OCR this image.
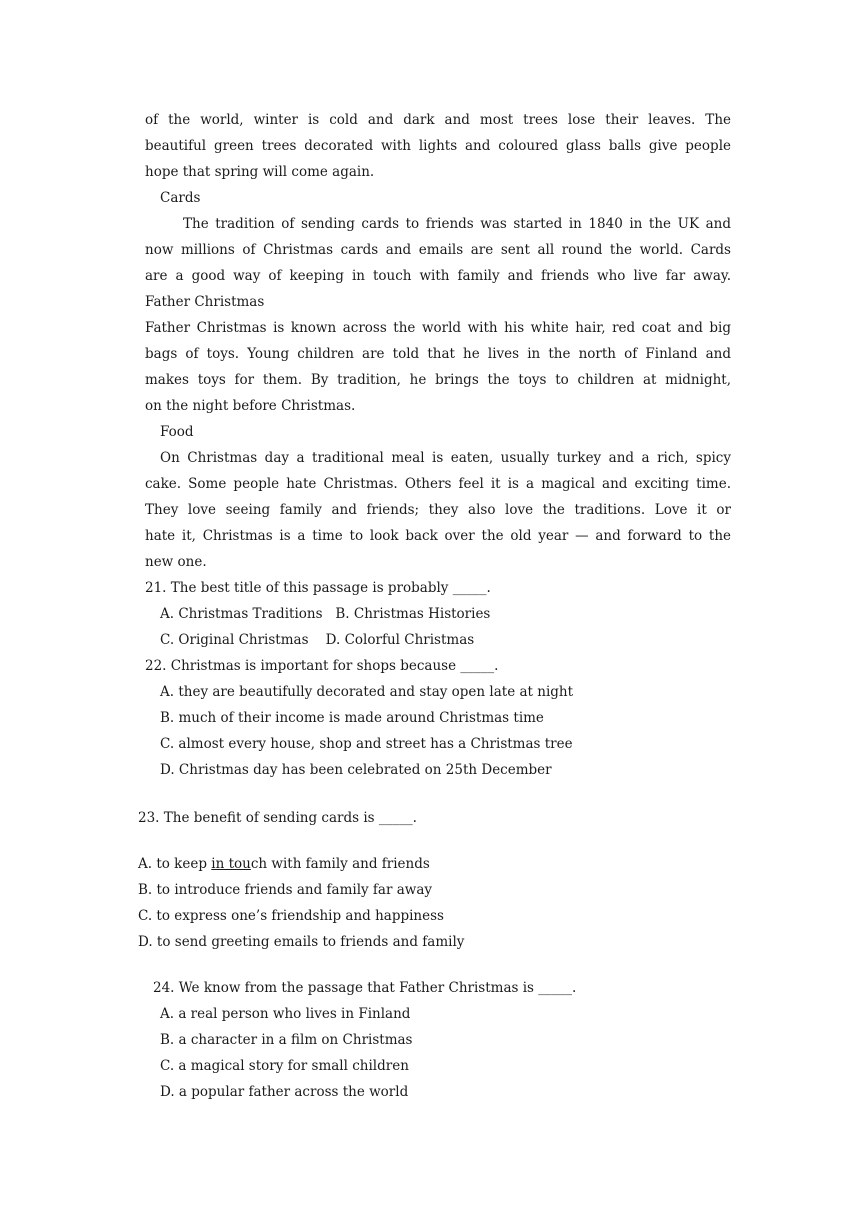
of the world, winter is cold and dark and most trees lose their leaves. The
beautiful green trees decorated with lights and coloured glass balls give people
hope that spring will come again.
Cards
The tradition of sending cards to friends was started in 1840 in the UK and
now millions of Christmas cards and emails are sent all round the world. Cards
are a good way of keeping in touch with family and friends who live far away.
Father Christmas
Father Christmas is known across the world with his white hair, red coat and big
bags of toys. Young children are told that he lives in the north of Finland and
makes toys for them. By tradition, he brings the toys to children at midnight,
on the night before Christmas.
Food
On Christmas day a traditional meal is eaten, usually turkey and a rich, spicy
cake. Some people hate Christmas. Others feel it is a magical and exciting time.
They love seeing family and friends; they also love the traditions. Love it or
hate it, Christmas is a time to look back over the old year — and forward to the
new one.
21. The best title of this passage is probably _____.
A. Christmas Traditions   B. Christmas Histories
C. Original Christmas    D. Colorful Christmas
22. Christmas is important for shops because _____.
A. they are beautifully decorated and stay open late at night
B. much of their income is made around Christmas time
C. almost every house, shop and street has a Christmas tree
D. Christmas day has been celebrated on 25th December
23. The benefit of sending cards is _____.
A. to keep in touch with family and friends
B. to introduce friends and family far away
C. to express one’s friendship and happiness
D. to send greeting emails to friends and family
24. We know from the passage that Father Christmas is _____.
A. a real person who lives in Finland
B. a character in a film on Christmas
C. a magical story for small children
D. a popular father across the world
